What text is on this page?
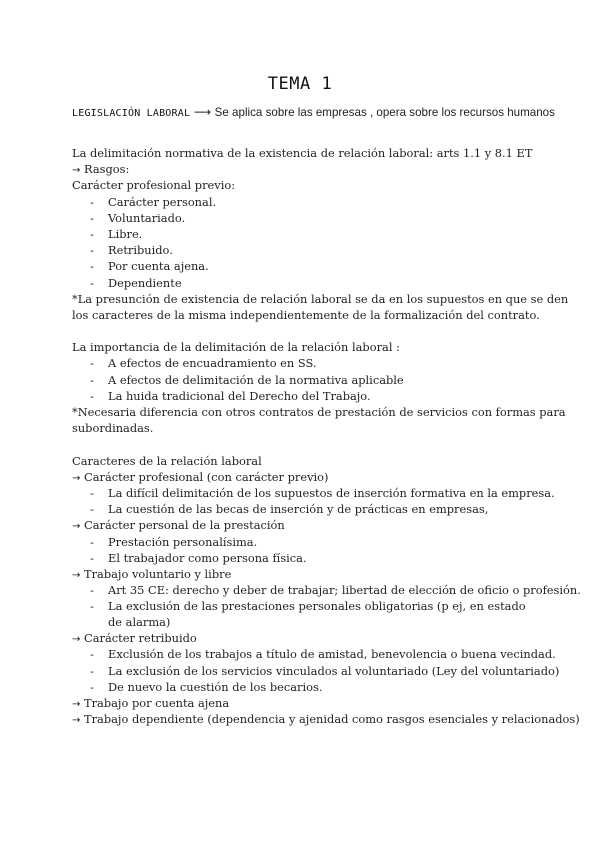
TEMA 1
LEGISLACIÓN LABORAL ⟶ Se aplica sobre las empresas , opera sobre los recursos humanos
La delimitación normativa de la existencia de relación laboral: arts 1.1 y 8.1 ET
→ Rasgos:
Carácter profesional previo:
- Carácter personal.
- Voluntariado.
- Libre.
- Retribuido.
- Por cuenta ajena.
- Dependiente
*La presunción de existencia de relación laboral se da en los supuestos en que se den
los caracteres de la misma independientemente de la formalización del contrato.
La importancia de la delimitación de la relación laboral :
- A efectos de encuadramiento en SS.
- A efectos de delimitación de la normativa aplicable
- La huida tradicional del Derecho del Trabajo.
*Necesaria diferencia con otros contratos de prestación de servicios con formas para
subordinadas.
Caracteres de la relación laboral
→ Carácter profesional (con carácter previo)
- La difícil delimitación de los supuestos de inserción formativa en la empresa.
- La cuestión de las becas de inserción y de prácticas en empresas,
→ Carácter personal de la prestación
- Prestación personalísima.
- El trabajador como persona física.
→ Trabajo voluntario y libre
- Art 35 CE: derecho y deber de trabajar; libertad de elección de oficio o profesión.
- La exclusión de las prestaciones personales obligatorias (p ej, en estado de alarma)
→ Carácter retribuido
- Exclusión de los trabajos a título de amistad, benevolencia o buena vecindad.
- La exclusión de los servicios vinculados al voluntariado (Ley del voluntariado)
- De nuevo la cuestión de los becarios.
→ Trabajo por cuenta ajena
→ Trabajo dependiente (dependencia y ajenidad como rasgos esenciales y relacionados)
